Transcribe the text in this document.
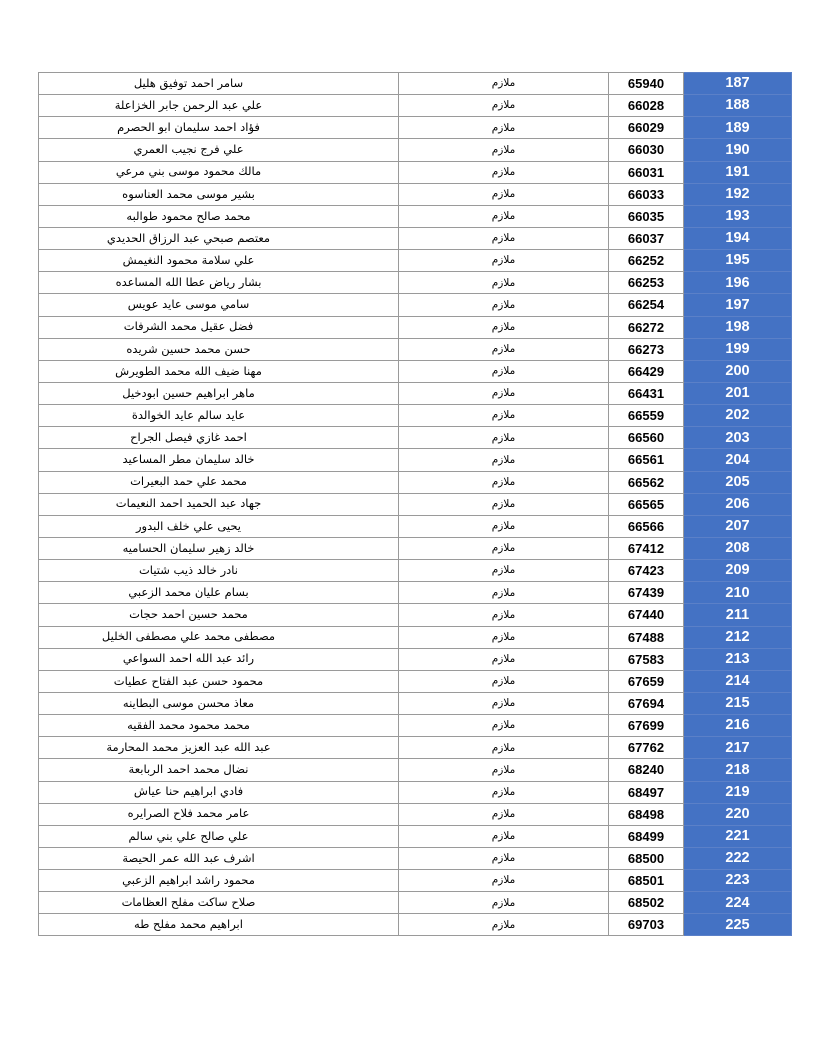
سامر احمد توفيق هليل	ملازم	65940	187
علي عبد الرحمن جابر الخزاعلة	ملازم	66028	188
فؤاد احمد سليمان ابو الحصرم	ملازم	66029	189
علي فرج نجيب العمري	ملازم	66030	190
مالك محمود موسى بني مرعي	ملازم	66031	191
بشير موسى محمد العناسوه	ملازم	66033	192
محمد صالح محمود طوالبه	ملازم	66035	193
معتصم صبحي عبد الرزاق الحديدي	ملازم	66037	194
علي سلامة محمود النغيمش	ملازم	66252	195
بشار رياض عطا الله المساعده	ملازم	66253	196
سامي موسى عايد عويس	ملازم	66254	197
فضل عقيل محمد الشرفات	ملازم	66272	198
حسن محمد حسين شريده	ملازم	66273	199
مهنا ضيف الله محمد الطويرش	ملازم	66429	200
ماهر ابراهيم حسين ابودخيل	ملازم	66431	201
عايد سالم عايد الخوالدة	ملازم	66559	202
احمد غازي فيصل الجراح	ملازم	66560	203
خالد سليمان مطر المساعيد	ملازم	66561	204
محمد علي حمد البعيرات	ملازم	66562	205
جهاد عبد الحميد احمد النعيمات	ملازم	66565	206
يحيى علي خلف البدور	ملازم	66566	207
خالد زهير سليمان الحساميه	ملازم	67412	208
نادر خالد ذيب شتيات	ملازم	67423	209
بسام عليان محمد الزعبي	ملازم	67439	210
محمد حسين احمد حجات	ملازم	67440	211
مصطفى محمد علي مصطفى الخليل	ملازم	67488	212
رائد عبد الله احمد السواعي	ملازم	67583	213
محمود حسن عبد الفتاح عطيات	ملازم	67659	214
معاذ محسن موسى البطاينه	ملازم	67694	215
محمد محمود محمد الفقيه	ملازم	67699	216
عبد الله عبد العزيز محمد المحارمة	ملازم	67762	217
نضال محمد احمد الربابعة	ملازم	68240	218
فادي ابراهيم حنا عياش	ملازم	68497	219
عامر محمد فلاح الصرايره	ملازم	68498	220
علي صالح علي بني سالم	ملازم	68499	221
اشرف عبد الله عمر الحيصة	ملازم	68500	222
محمود راشد ابراهيم الزعبي	ملازم	68501	223
صلاح ساكت مفلح العظامات	ملازم	68502	224
ابراهيم محمد مفلح طه	ملازم	69703	225
